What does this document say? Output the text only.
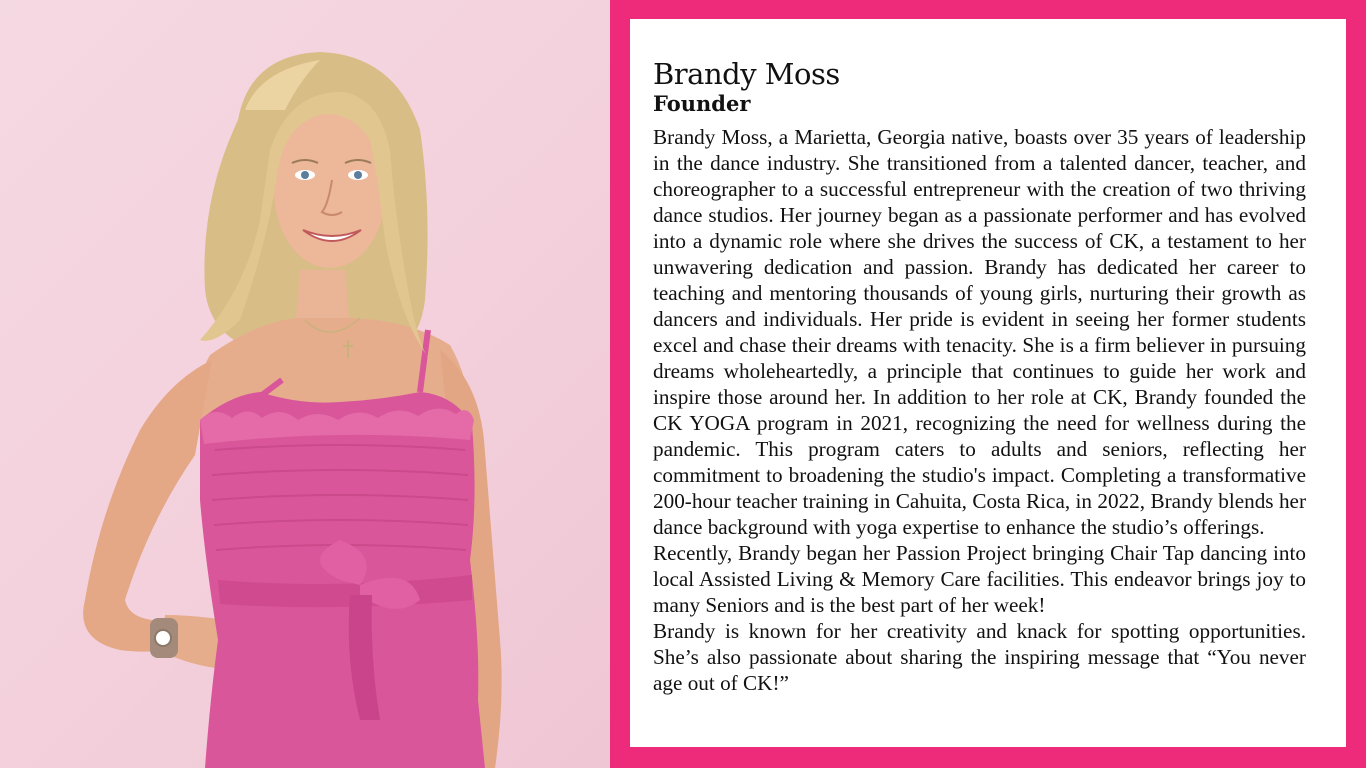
Brandy Moss
Founder

Brandy Moss, a Marietta, Georgia native, boasts over 35 years of leadership in the dance industry. She transitioned from a talented dancer, teacher, and choreographer to a successful entrepreneur with the creation of two thriving dance studios. Her journey began as a passionate performer and has evolved into a dynamic role where she drives the success of CK, a testament to her unwavering dedication and passion. Brandy has dedicated her career to teaching and mentoring thousands of young girls, nurturing their growth as dancers and individuals. Her pride is evident in seeing her former students excel and chase their dreams with tenacity. She is a firm believer in pursuing dreams wholeheartedly, a principle that continues to guide her work and inspire those around her. In addition to her role at CK, Brandy founded the CK YOGA program in 2021, recognizing the need for wellness during the pandemic. This program caters to adults and seniors, reflecting her commitment to broadening the studio's impact. Completing a transformative 200-hour teacher training in Cahuita, Costa Rica, in 2022, Brandy blends her dance background with yoga expertise to enhance the studio’s offerings.

Recently, Brandy began her Passion Project bringing Chair Tap dancing into local Assisted Living & Memory Care facilities. This endeavor brings joy to many Seniors and is the best part of her week!

Brandy is known for her creativity and knack for spotting opportunities. She’s also passionate about sharing the inspiring message that “You never age out of CK!”
